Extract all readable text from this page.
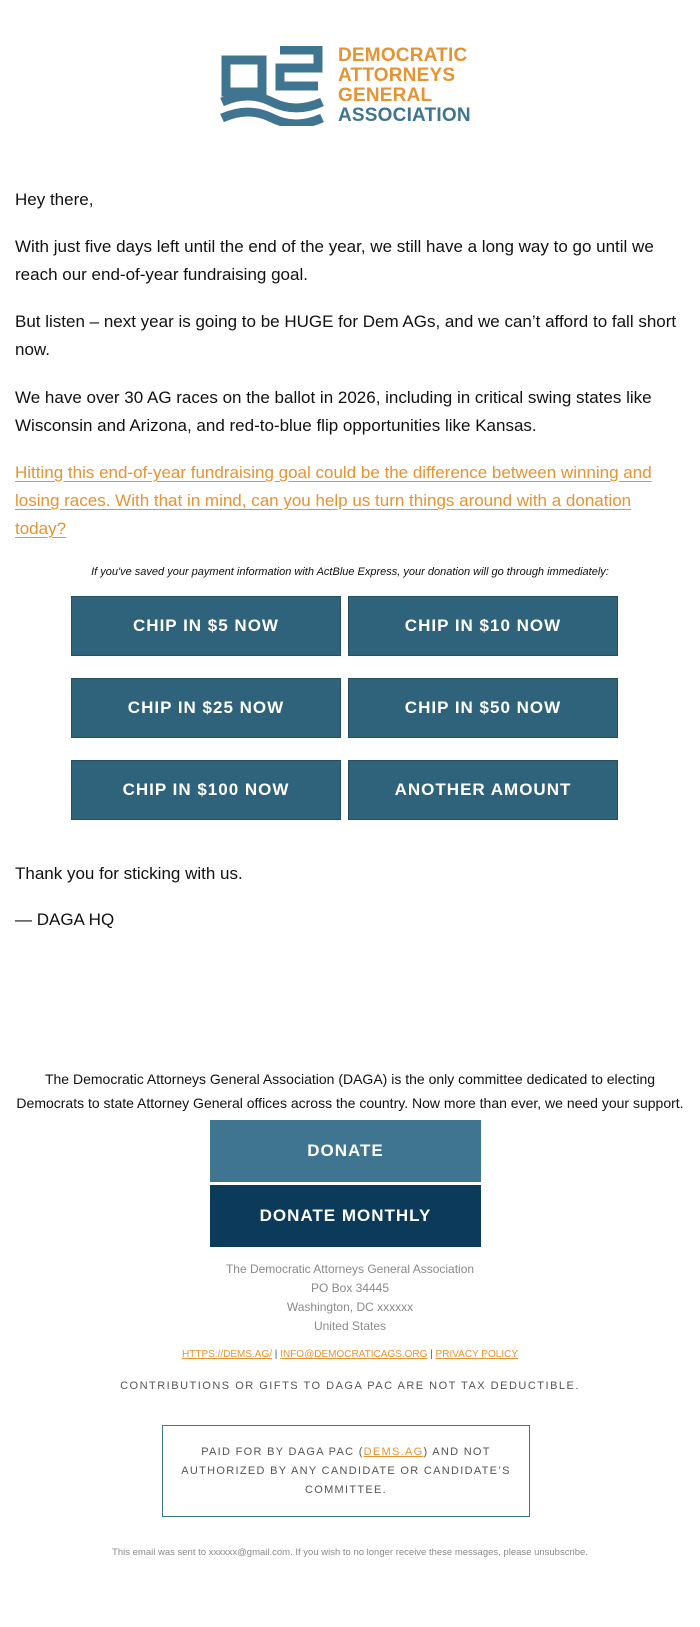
DEMOCRATIC
ATTORNEYS
GENERAL
ASSOCIATION

Hey there,

With just five days left until the end of the year, we still have a long way to go until we reach our end-of-year fundraising goal.

But listen – next year is going to be HUGE for Dem AGs, and we can’t afford to fall short now.

We have over 30 AG races on the ballot in 2026, including in critical swing states like Wisconsin and Arizona, and red-to-blue flip opportunities like Kansas.

Hitting this end-of-year fundraising goal could be the difference between winning and losing races. With that in mind, can you help us turn things around with a donation today?

If you've saved your payment information with ActBlue Express, your donation will go through immediately:
CHIP IN $5 NOW	CHIP IN $10 NOW
CHIP IN $25 NOW	CHIP IN $50 NOW
CHIP IN $100 NOW	ANOTHER AMOUNT

Thank you for sticking with us.

— DAGA HQ

The Democratic Attorneys General Association (DAGA) is the only committee dedicated to electing Democrats to state Attorney General offices across the country. Now more than ever, we need your support.
DONATE
DONATE MONTHLY
The Democratic Attorneys General Association
PO Box 34445
Washington, DC xxxxxx
United States
HTTPS://DEMS.AG/ | INFO@DEMOCRATICAGS.ORG | PRIVACY POLICY
CONTRIBUTIONS OR GIFTS TO DAGA PAC ARE NOT TAX DEDUCTIBLE.
PAID FOR BY DAGA PAC (DEMS.AG) AND NOT AUTHORIZED BY ANY CANDIDATE OR CANDIDATE’S COMMITTEE.
This email was sent to xxxxxx@gmail.com. If you wish to no longer receive these messages, please unsubscribe.
